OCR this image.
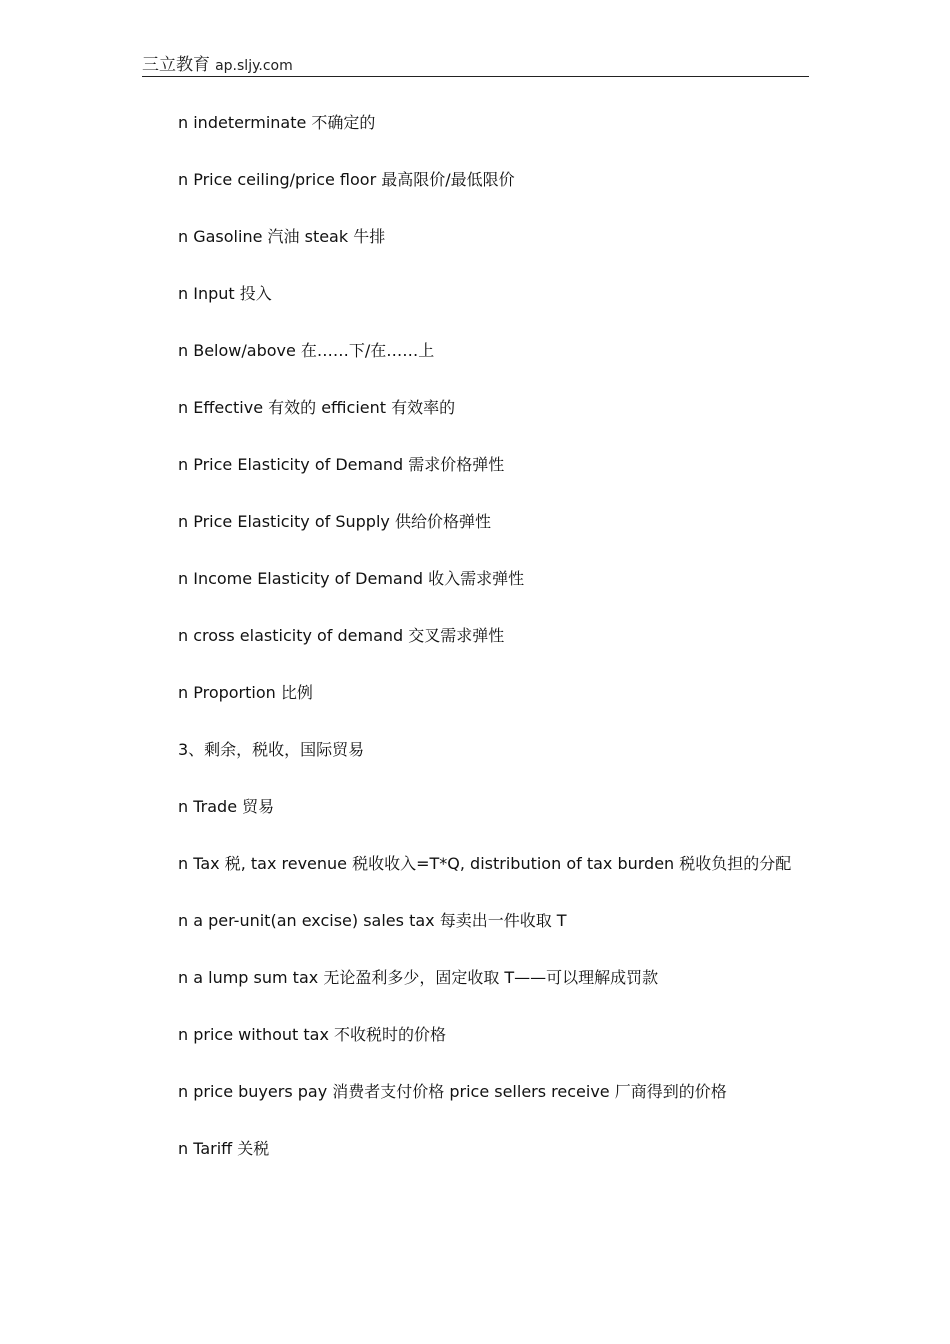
三立教育 ap.sljy.com
n indeterminate 不确定的
n Price ceiling/price floor 最高限价/最低限价
n Gasoline 汽油 steak 牛排
n Input 投入
n Below/above 在……下/在……上
n Effective 有效的 efficient 有效率的
n Price Elasticity of Demand 需求价格弹性
n Price Elasticity of Supply 供给价格弹性
n Income Elasticity of Demand 收入需求弹性
n cross elasticity of demand 交叉需求弹性
n Proportion 比例
3、剩余，税收，国际贸易
n Trade 贸易
n Tax 税, tax revenue 税收收入=T*Q, distribution of tax burden 税收负担的分配
n a per-unit(an excise) sales tax 每卖出一件收取 T
n a lump sum tax 无论盈利多少，固定收取 T——可以理解成罚款
n price without tax 不收税时的价格
n price buyers pay 消费者支付价格 price sellers receive 厂商得到的价格
n Tariff 关税
